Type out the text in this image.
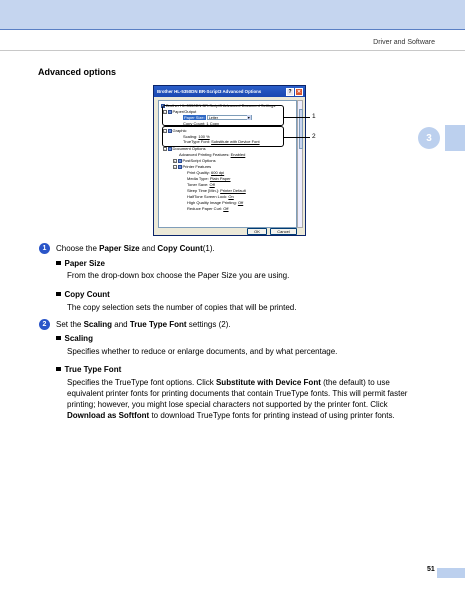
Driver and Software
Advanced options
3
Brother HL-5350DN BR-Script3 Advanced Options	?	✕
Brother HL-5350DN BR-Script3 Advanced Document Settings
− Paper/Output
Paper Size: Letter ▾
Copy Count: 1 Copy
− Graphic
Scaling: 100 %
TrueType Font: Substitute with Device Font
− Document Options
Advanced Printing Features: Enabled
+ PostScript Options
− Printer Features
Print Quality: 600 dpi
Media Type: Plain Paper
Toner Save: Off
Sleep Time [Min.]: Printer Default
HalfTone Screen Lock: On
High Quality Image Printing: Off
Reduce Paper Curl: Off
OK	Cancel
1
2
1	Choose the Paper Size and Copy Count(1).
Paper Size
From the drop-down box choose the Paper Size you are using.
Copy Count
The copy selection sets the number of copies that will be printed.
2	Set the Scaling and True Type Font settings (2).
Scaling
Specifies whether to reduce or enlarge documents, and by what percentage.
True Type Font
Specifies the TrueType font options. Click Substitute with Device Font (the default) to use equivalent printer fonts for printing documents that contain TrueType fonts. This will permit faster printing; however, you might lose special characters not supported by the printer font. Click Download as Softfont to download TrueType fonts for printing instead of using printer fonts.
51
